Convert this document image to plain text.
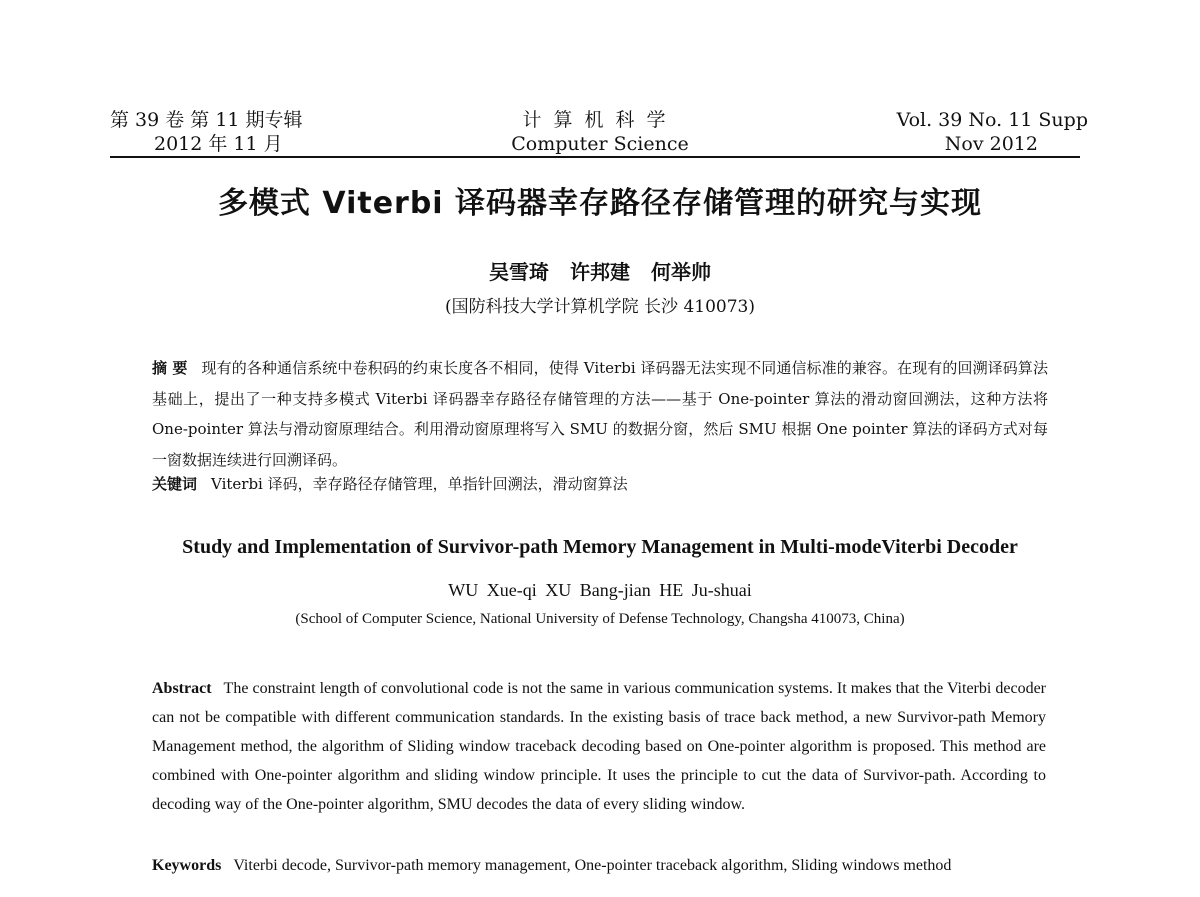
第 39 卷 第 11 期专辑
2012 年 11 月
计算机科学
Computer Science
Vol. 39 No. 11 Supp
Nov 2012
多模式 Viterbi 译码器幸存路径存储管理的研究与实现
吴雪琦 许邦建 何举帅
(国防科技大学计算机学院 长沙 410073)
摘 要 现有的各种通信系统中卷积码的约束长度各不相同，使得 Viterbi 译码器无法实现不同通信标准的兼容。在现有的回溯译码算法基础上，提出了一种支持多模式 Viterbi 译码器幸存路径存储管理的方法——基于 One-pointer 算法的滑动窗回溯法，这种方法将 One-pointer 算法与滑动窗原理结合。利用滑动窗原理将写入 SMU 的数据分窗，然后 SMU 根据 One pointer 算法的译码方式对每一窗数据连续进行回溯译码。
关键词 Viterbi 译码，幸存路径存储管理，单指针回溯法，滑动窗算法
Study and Implementation of Survivor-path Memory Management in Multi-modeViterbi Decoder
WU Xue-qi XU Bang-jian HE Ju-shuai
(School of Computer Science, National University of Defense Technology, Changsha 410073, China)
Abstract The constraint length of convolutional code is not the same in various communication systems. It makes that the Viterbi decoder can not be compatible with different communication standards. In the existing basis of trace back method, a new Survivor-path Memory Management method, the algorithm of Sliding window traceback decoding based on One-pointer algorithm is proposed. This method are combined with One-pointer algorithm and sliding window principle. It uses the principle to cut the data of Survivor-path. According to decoding way of the One-pointer algorithm, SMU decodes the data of every sliding window.
Keywords Viterbi decode, Survivor-path memory management, One-pointer traceback algorithm, Sliding windows method
